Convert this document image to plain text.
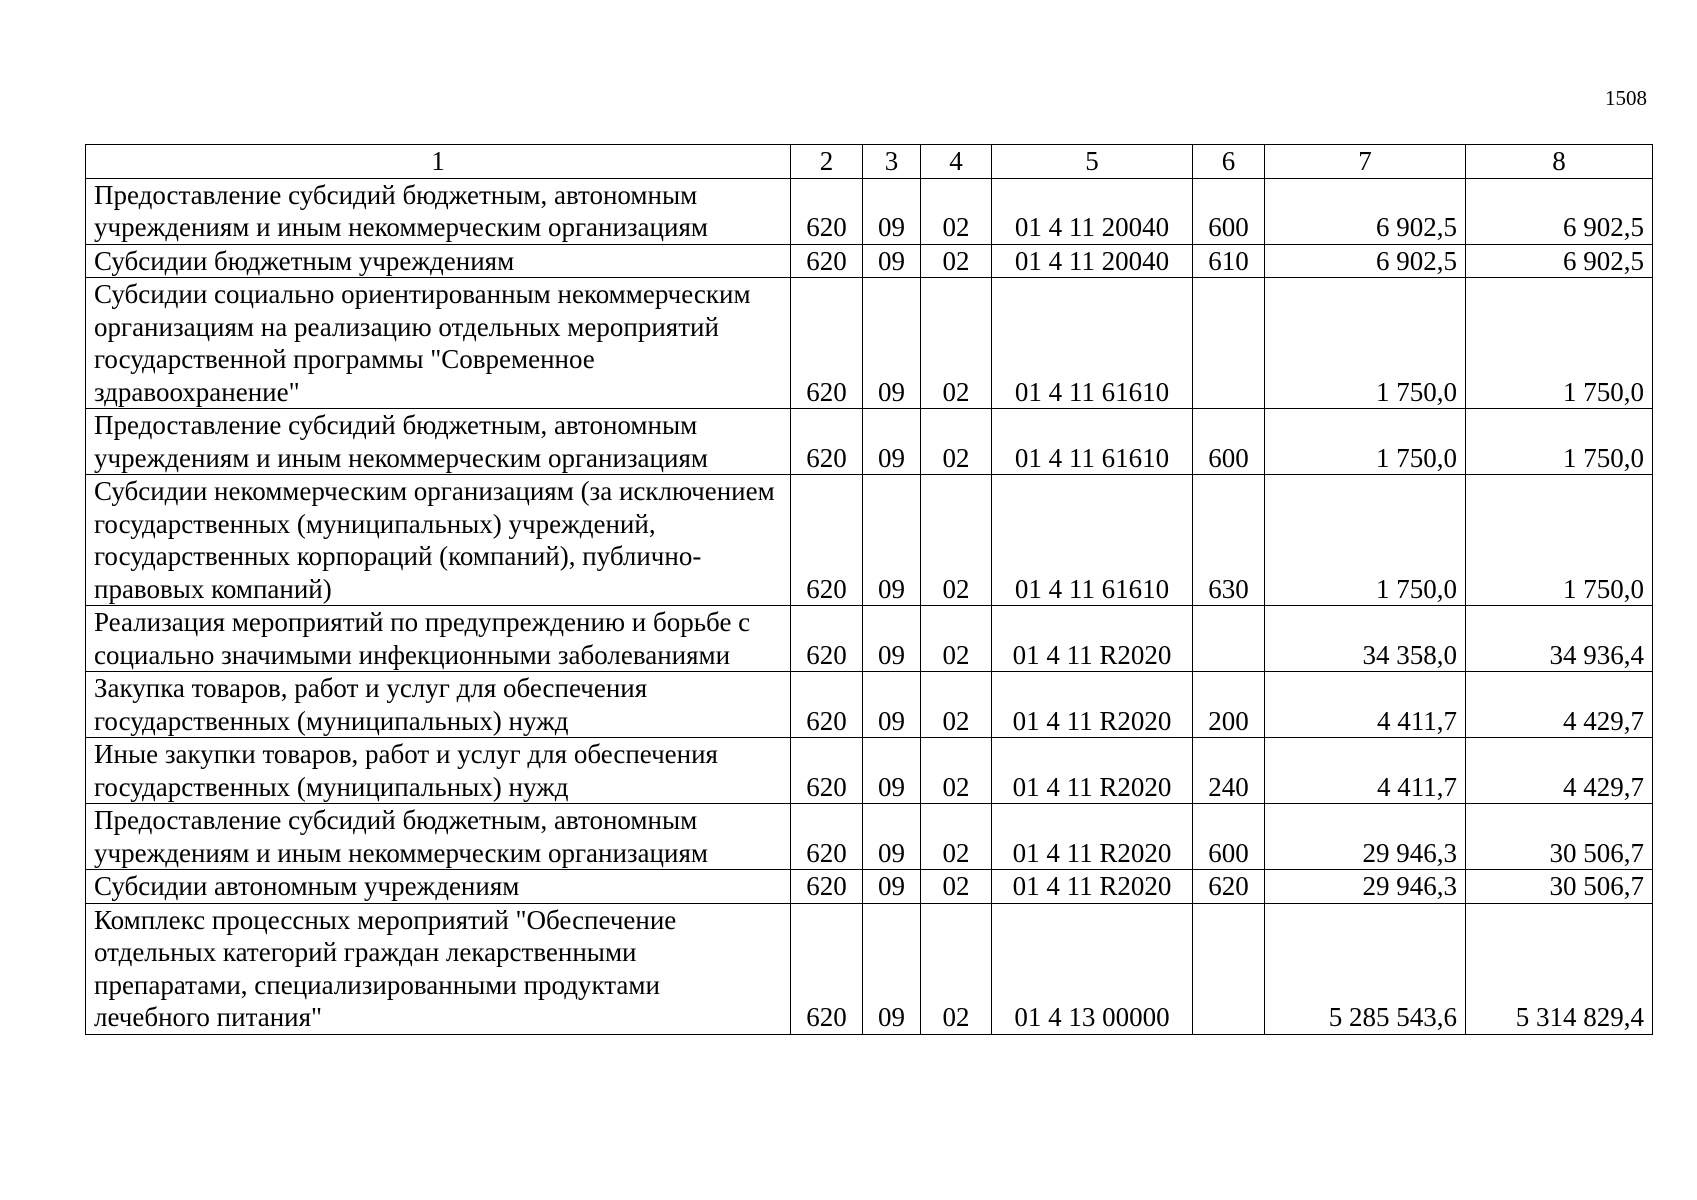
1508
1	2	3	4	5	6	7	8
Предоставление субсидий бюджетным, автономным учреждениям и иным некоммерческим организациям	620	09	02	01 4 11 20040	600	6 902,5	6 902,5
Субсидии бюджетным учреждениям	620	09	02	01 4 11 20040	610	6 902,5	6 902,5
Субсидии социально ориентированным некоммерческим организациям на реализацию отдельных мероприятий государственной программы "Современное здравоохранение"	620	09	02	01 4 11 61610		1 750,0	1 750,0
Предоставление субсидий бюджетным, автономным учреждениям и иным некоммерческим организациям	620	09	02	01 4 11 61610	600	1 750,0	1 750,0
Субсидии некоммерческим организациям (за исключением государственных (муниципальных) учреждений, государственных корпораций (компаний), публично-правовых компаний)	620	09	02	01 4 11 61610	630	1 750,0	1 750,0
Реализация мероприятий по предупреждению и борьбе с социально значимыми инфекционными заболеваниями	620	09	02	01 4 11 R2020		34 358,0	34 936,4
Закупка товаров, работ и услуг для обеспечения государственных (муниципальных) нужд	620	09	02	01 4 11 R2020	200	4 411,7	4 429,7
Иные закупки товаров, работ и услуг для обеспечения государственных (муниципальных) нужд	620	09	02	01 4 11 R2020	240	4 411,7	4 429,7
Предоставление субсидий бюджетным, автономным учреждениям и иным некоммерческим организациям	620	09	02	01 4 11 R2020	600	29 946,3	30 506,7
Субсидии автономным учреждениям	620	09	02	01 4 11 R2020	620	29 946,3	30 506,7
Комплекс процессных мероприятий "Обеспечение отдельных категорий граждан лекарственными препаратами, специализированными продуктами лечебного питания"	620	09	02	01 4 13 00000		5 285 543,6	5 314 829,4
